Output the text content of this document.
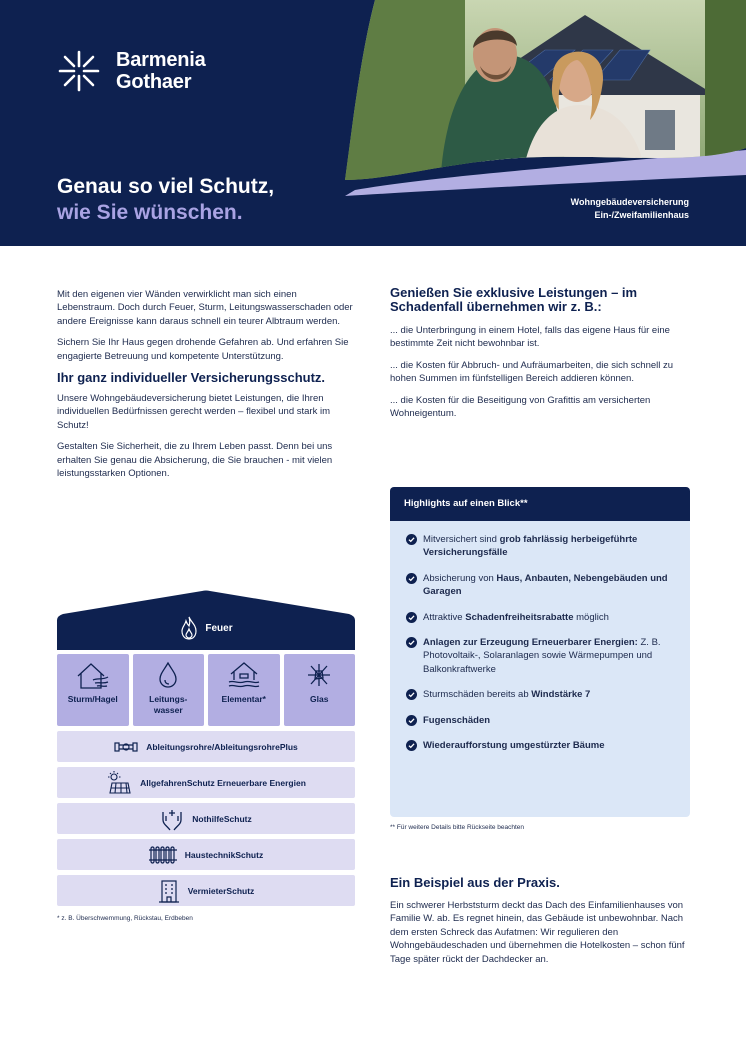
Barmenia
Gothaer
Genau so viel Schutz,
wie Sie wünschen.	Wohngebäudeversicherung
Ein-/Zweifamilienhaus

Mit den eigenen vier Wänden verwirklicht man sich einen Lebenstraum. Doch durch Feuer, Sturm, Leitungswasserschaden oder andere Ereignisse kann daraus schnell ein teurer Albtraum werden.

Sichern Sie Ihr Haus gegen drohende Gefahren ab. Und erfahren Sie engagierte Betreuung und kompetente Unterstützung.

Ihr ganz individueller Versicherungsschutz.

Unsere Wohngebäudeversicherung bietet Leistungen, die Ihren individuellen Bedürfnissen gerecht werden – flexibel und stark im Schutz!

Gestalten Sie Sicherheit, die zu Ihrem Leben passt. Denn bei uns erhalten Sie genau die Absicherung, die Sie brauchen - mit vielen leistungsstarken Optionen.

Genießen Sie exklusive Leistungen – im Schadenfall übernehmen wir z. B.:

... die Unterbringung in einem Hotel, falls das eigene Haus für eine bestimmte Zeit nicht bewohnbar ist.

... die Kosten für Abbruch- und Aufräumarbeiten, die sich schnell zu hohen Summen im fünfstelligen Bereich addieren können.

... die Kosten für die Beseitigung von Grafittis am versicherten Wohneigentum.

Highlights auf einen Blick**
Mitversichert sind grob fahrlässig herbeigeführte Versicherungsfälle
Absicherung von Haus, Anbauten, Nebengebäuden und Garagen
Attraktive Schadenfreiheitsrabatte möglich
Anlagen zur Erzeugung Erneuerbarer Energien: Z. B. Photovoltaik-, Solaranlagen sowie Wärmepumpen und Balkonkraftwerke
Sturmschäden bereits ab Windstärke 7
Fugenschäden
Wiederaufforstung umgestürzter Bäume
** Für weitere Details bitte Rückseite beachten
Ein Beispiel aus der Praxis.

Ein schwerer Herbststurm deckt das Dach des Einfamilienhauses von Familie W. ab. Es regnet hinein, das Gebäude ist unbewohnbar. Nach dem ersten Schreck das Aufatmen: Wir regulieren den Wohngebäudeschaden und übernehmen die Hotelkosten – schon fünf Tage später rückt der Dachdecker an.

Feuer
Sturm/Hagel	Leitungs-
wasser
Elementar*	Glas
Ableitungsrohre/AbleitungsrohrePlus
AllgefahrenSchutz Erneuerbare Energien
NothilfeSchutz
HaustechnikSchutz
VermieterSchutz
* z. B. Überschwemmung, Rückstau, Erdbeben
